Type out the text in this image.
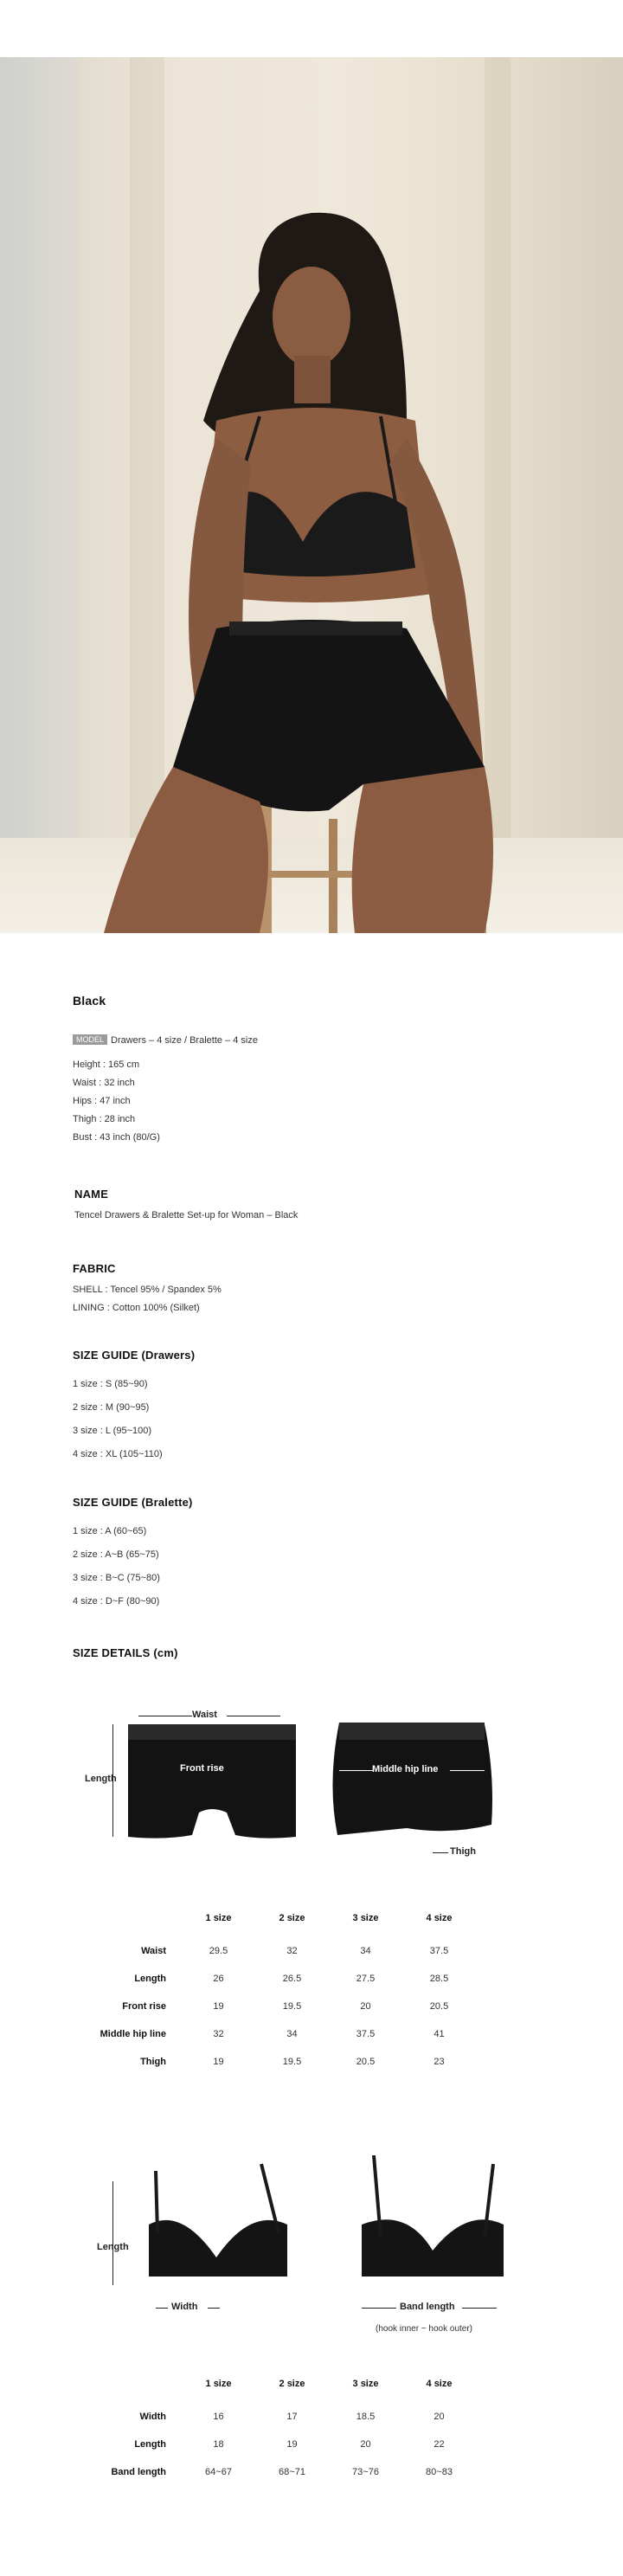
Black
MODEL Drawers – 4 size / Bralette – 4 size
Height : 165 cm
Waist : 32 inch
Hips : 47 inch
Thigh : 28 inch
Bust : 43 inch (80/G)
NAME
Tencel Drawers & Bralette Set-up for Woman – Black
FABRIC
SHELL : Tencel 95% / Spandex 5%
LINING : Cotton 100% (Silket)
SIZE GUIDE (Drawers)
1 size : S (85~90)
2 size : M (90~95)
3 size : L (95~100)
4 size : XL (105~110)
SIZE GUIDE (Bralette)
1 size : A (60~65)
2 size : A~B (65~75)
3 size : B~C (75~80)
4 size : D~F (80~90)
SIZE DETAILS (cm)
Waist
Length
Front rise	Middle hip line
Thigh
	1 size	2 size	3 size	4 size
Waist	29.5	32	34	37.5
Length	26	26.5	27.5	28.5
Front rise	19	19.5	20	20.5
Middle hip line	32	34	37.5	41
Thigh	19	19.5	20.5	23
Length
Width	Band length
(hook inner ~ hook outer)
	1 size	2 size	3 size	4 size
Width	16	17	18.5	20
Length	18	19	20	22
Band length	64~67	68~71	73~76	80~83
